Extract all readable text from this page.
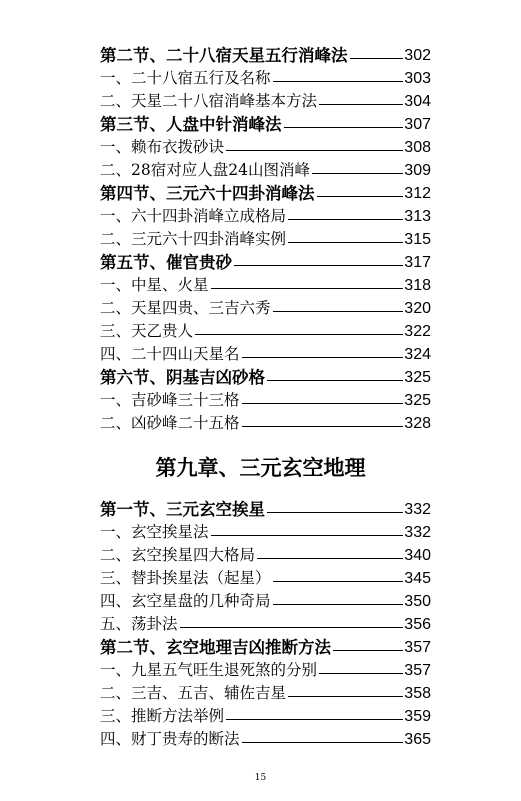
第二节、二十八宿天星五行消峰法	302
一、二十八宿五行及名称	303
二、天星二十八宿消峰基本方法	304
第三节、人盘中针消峰法	307
一、赖布衣拨砂诀	308
二、28宿对应人盘24山图消峰	309
第四节、三元六十四卦消峰法	312
一、六十四卦消峰立成格局	313
二、三元六十四卦消峰实例	315
第五节、催官贵砂	317
一、中星、火星	318
二、天星四贵、三吉六秀	320
三、天乙贵人	322
四、二十四山天星名	324
第六节、阴基吉凶砂格	325
一、吉砂峰三十三格	325
二、凶砂峰二十五格	328
第九章、三元玄空地理
第一节、三元玄空挨星	332
一、玄空挨星法	332
二、玄空挨星四大格局	340
三、替卦挨星法（起星）	345
四、玄空星盘的几种奇局	350
五、荡卦法	356
第二节、玄空地理吉凶推断方法	357
一、九星五气旺生退死煞的分别	357
二、三吉、五吉、辅佐吉星	358
三、推断方法举例	359
四、财丁贵寿的断法	365
15
